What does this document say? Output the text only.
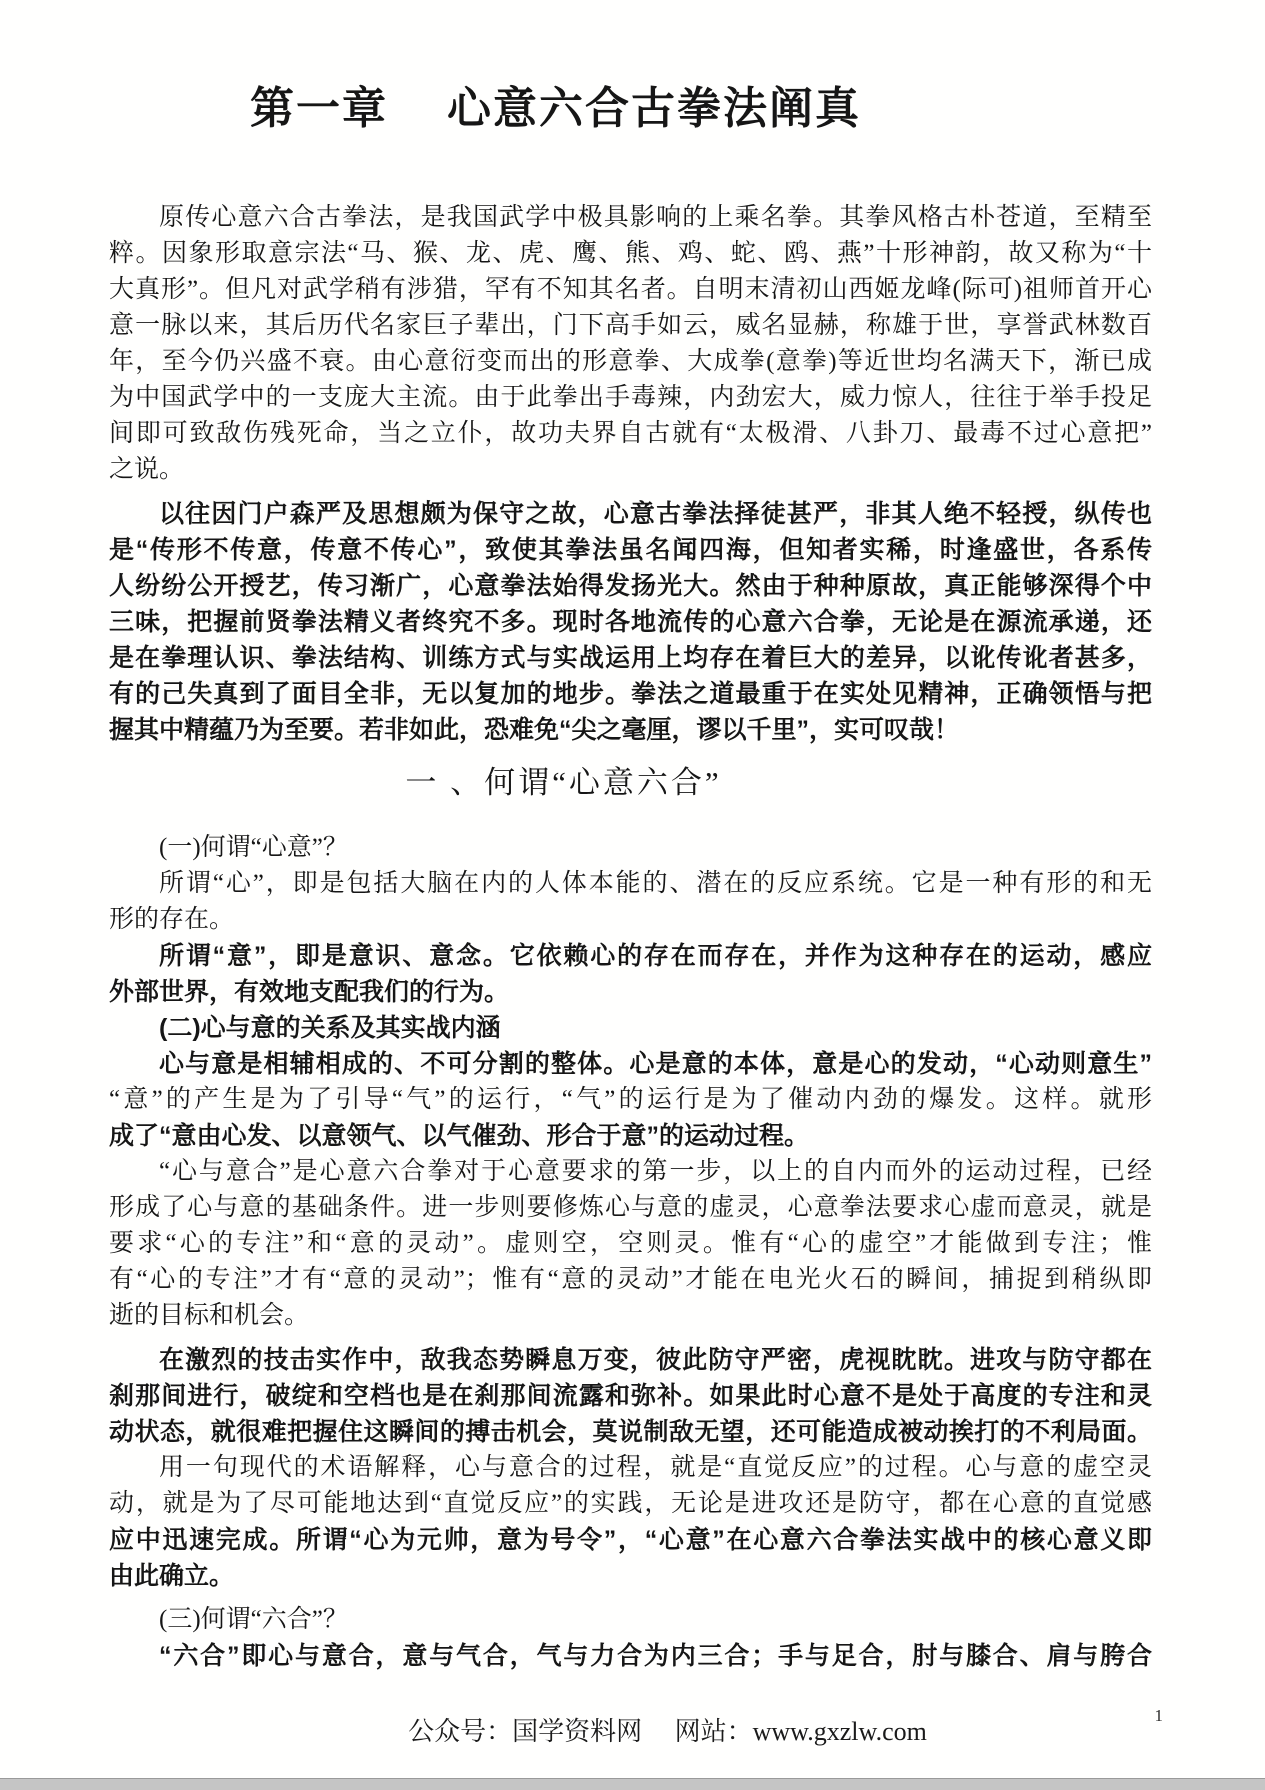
第一章　 心意六合古拳法阐真
原传心意六合古拳法，是我国武学中极具影响的上乘名拳。其拳风格古朴苍道，至精至
粹。因象形取意宗法“马、猴、龙、虎、鹰、熊、鸡、蛇、鸥、燕”十形神韵，故又称为“十
大真形”。但凡对武学稍有涉猎，罕有不知其名者。自明末清初山西姬龙峰(际可)祖师首开心
意一脉以来，其后历代名家巨子辈出，门下高手如云，威名显赫，称雄于世，享誉武林数百
年，至今仍兴盛不衰。由心意衍变而出的形意拳、大成拳(意拳)等近世均名满天下，渐已成
为中国武学中的一支庞大主流。由于此拳出手毒辣，内劲宏大，威力惊人，往往于举手投足
间即可致敌伤残死命，当之立仆，故功夫界自古就有“太极滑、八卦刀、最毒不过心意把”
之说。
以往因门户森严及思想颇为保守之故，心意古拳法择徒甚严，非其人绝不轻授，纵传也
是“传形不传意，传意不传心”，致使其拳法虽名闻四海，但知者实稀，时逢盛世，各系传
人纷纷公开授艺，传习渐广，心意拳法始得发扬光大。然由于种种原故，真正能够深得个中
三味，把握前贤拳法精义者终究不多。现时各地流传的心意六合拳，无论是在源流承递，还
是在拳理认识、拳法结构、训练方式与实战运用上均存在着巨大的差异，以讹传讹者甚多，
有的己失真到了面目全非，无以复加的地步。拳法之道最重于在实处见精神，正确领悟与把
握其中精蕴乃为至要。若非如此，恐难免“尖之毫厘，谬以千里”，实可叹哉！
一 、何谓“心意六合”
(一)何谓“心意”？
所谓“心”，即是包括大脑在内的人体本能的、潜在的反应系统。它是一种有形的和无
形的存在。
所谓“意”，即是意识、意念。它依赖心的存在而存在，并作为这种存在的运动，感应
外部世界，有效地支配我们的行为。
(二)心与意的关系及其实战内涵
心与意是相辅相成的、不可分割的整体。心是意的本体，意是心的发动，“心动则意生”
“意”的产生是为了引导“气”的运行，“气”的运行是为了催动内劲的爆发。这样。就形
成了“意由心发、以意领气、以气催劲、形合于意”的运动过程。
“心与意合”是心意六合拳对于心意要求的第一步，以上的自内而外的运动过程，已经
形成了心与意的基础条件。进一步则要修炼心与意的虚灵，心意拳法要求心虚而意灵，就是
要求“心的专注”和“意的灵动”。虚则空，空则灵。惟有“心的虚空”才能做到专注；惟
有“心的专注”才有“意的灵动”；惟有“意的灵动”才能在电光火石的瞬间，捕捉到稍纵即
逝的目标和机会。
在激烈的技击实作中，敌我态势瞬息万变，彼此防守严密，虎视眈眈。进攻与防守都在
刹那间进行，破绽和空档也是在刹那间流露和弥补。如果此时心意不是处于高度的专注和灵
动状态，就很难把握住这瞬间的搏击机会，莫说制敌无望，还可能造成被动挨打的不利局面。
用一句现代的术语解释，心与意合的过程，就是“直觉反应”的过程。心与意的虚空灵
动，就是为了尽可能地达到“直觉反应”的实践，无论是进攻还是防守，都在心意的直觉感
应中迅速完成。所谓“心为元帅，意为号令”，“心意”在心意六合拳法实战中的核心意义即
由此确立。
(三)何谓“六合”？
“六合”即心与意合，意与气合，气与力合为内三合；手与足合，肘与膝合、肩与胯合
公众号：国学资料网　 网站：www.gxzlw.com
1
